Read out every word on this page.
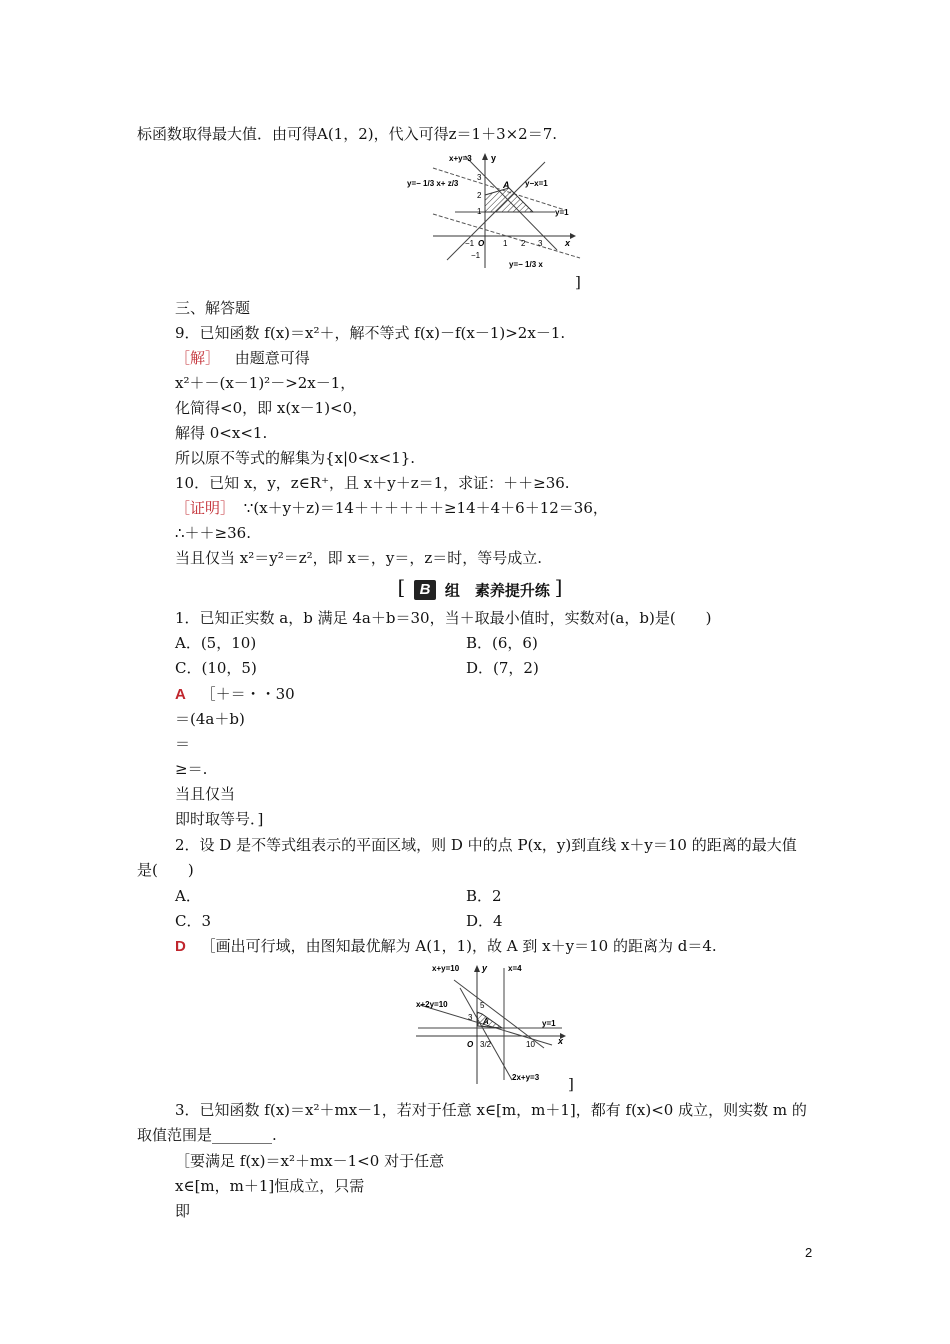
标函数取得最大值．由可得A(1，2)，代入可得z＝1＋3×2＝7.
x+y=3 y
y=− 1/3 x+ z/3	y−x=1
A
3
2
1	y=1
−1 O 1 2 3	x
−1
y=− 1/3 x
]
三、解答题
9．已知函数 f(x)＝x²＋，解不等式 f(x)－f(x－1)>2x－1.
［解］ 由题意可得
x²＋－(x－1)²－>2x－1，
化简得<0，即 x(x－1)<0，
解得 0<x<1.
所以原不等式的解集为{x|0<x<1}.
10．已知 x，y，z∈R⁺，且 x＋y＋z＝1，求证：＋＋≥36.
［证明］ ∵(x＋y＋z)＝14＋＋＋＋＋＋≥14＋4＋6＋12＝36，
∴＋＋≥36.
当且仅当 x²＝y²＝z²，即 x＝，y＝，z＝时，等号成立.
[ B 组　素养提升练 ]
1．已知正实数 a，b 满足 4a＋b＝30，当＋取最小值时，实数对(a，b)是(　　)
A．(5，10)	B．(6，6)
C．(10，5)	D．(7，2)
A ［＋＝・・30
＝(4a＋b)
＝
≥＝.
当且仅当
即时取等号．]
2．设 D 是不等式组表示的平面区域，则 D 中的点 P(x，y)到直线 x＋y＝10 的距离的最大值
是(　　)
A．	B．2
C．3	D．4
D ［画出可行域，由图知最优解为 A(1，1)，故 A 到 x＋y＝10 的距离为 d＝4.
x+y=10	y	x=4
x+2y=10	5
3 A	y=1
O 3/2	10	x
2x+y=3 ]
3．已知函数 f(x)＝x²＋mx－1，若对于任意 x∈[m，m＋1]，都有 f(x)<0 成立，则实数 m 的
取值范围是________.
［要满足 f(x)＝x²＋mx－1<0 对于任意
x∈[m，m＋1]恒成立，只需
即
2
